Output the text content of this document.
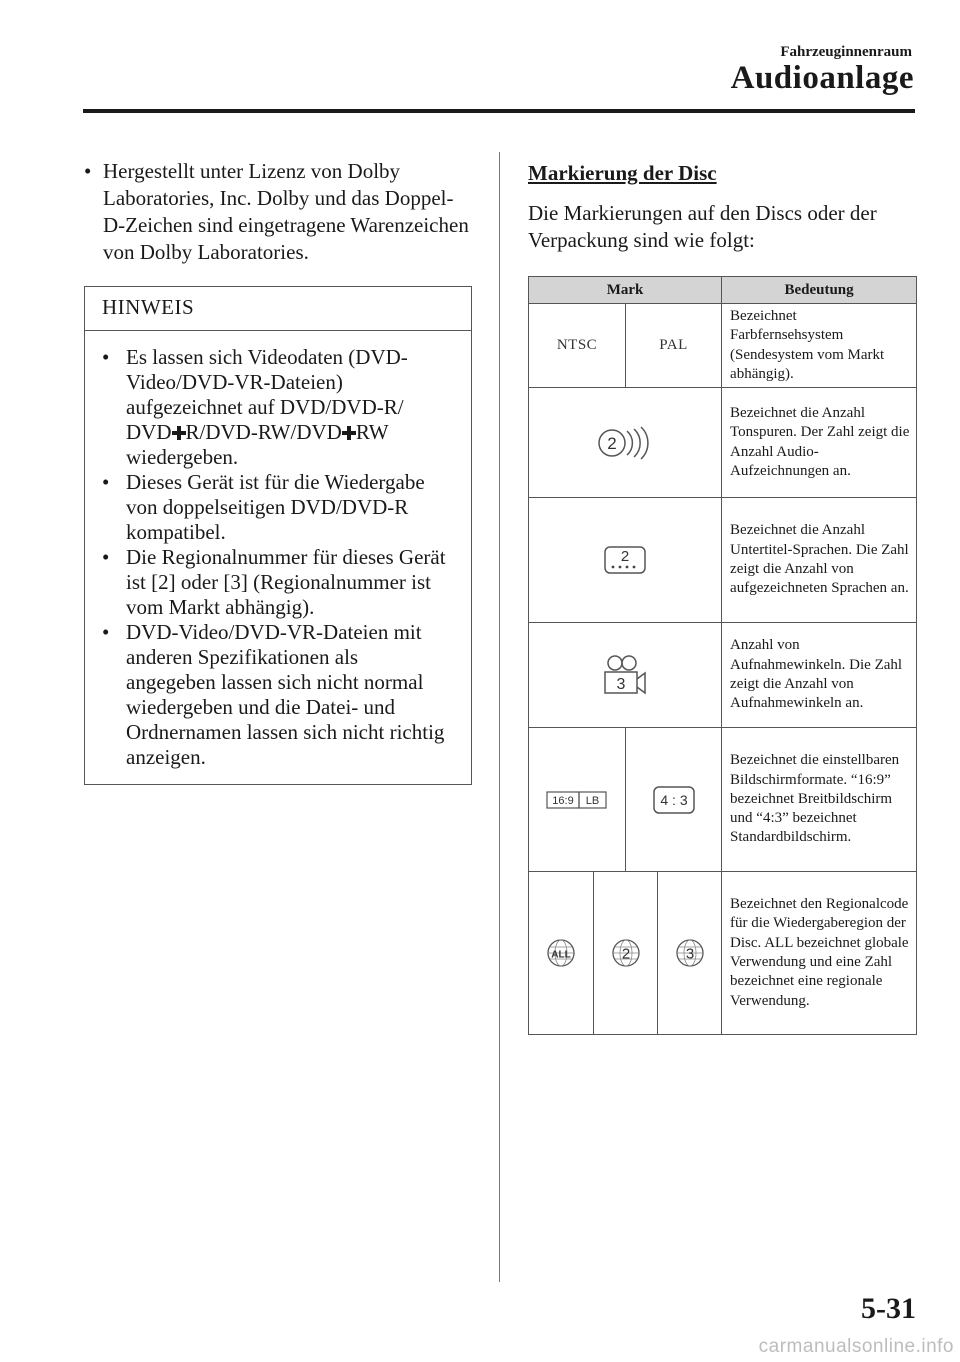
Fahrzeuginnenraum
Audioanlage
• Hergestellt unter Lizenz von Dolby Laboratories, Inc. Dolby und das Doppel-D-Zeichen sind eingetragene Warenzeichen von Dolby Laboratories.
HINWEIS
• Es lassen sich Videodaten (DVD-Video/DVD-VR-Dateien) aufgezeichnet auf DVD/DVD-R/ DVD R/DVD-RW/DVD RW wiedergeben.
• Dieses Gerät ist für die Wiedergabe von doppelseitigen DVD/DVD-R kompatibel.
• Die Regionalnummer für dieses Gerät ist [2] oder [3] (Regionalnummer ist vom Markt abhängig).
• DVD-Video/DVD-VR-Dateien mit anderen Spezifikationen als angegeben lassen sich nicht normal wiedergeben und die Datei- und Ordnernamen lassen sich nicht richtig anzeigen.
Markierung der Disc
Die Markierungen auf den Discs oder der Verpackung sind wie folgt:
Mark				Bedeutung
NTSC		PAL		Bezeichnet Farbfernsehsystem (Sendesystem vom Markt abhängig).

2				Bezeichnet die Anzahl Tonspuren. Der Zahl zeigt die Anzahl Audio-Aufzeichnungen an.

2				Bezeichnet die Anzahl Untertitel-Sprachen. Die Zahl zeigt die Anzahl von aufgezeichneten Sprachen an.

3				Anzahl von Aufnahmewinkeln. Die Zahl zeigt die Anzahl von Aufnahmewinkeln an.

16:9 LB		4 : 3		Bezeichnet die einstellbaren Bildschirmformate. “16:9” bezeichnet Breitbildschirm und “4:3” bezeichnet Standardbildschirm.

ALL	2		3	Bezeichnet den Regionalcode für die Wiedergaberegion der Disc. ALL bezeichnet globale Verwendung und eine Zahl bezeichnet eine regionale Verwendung.
5-31
carmanualsonline.info
